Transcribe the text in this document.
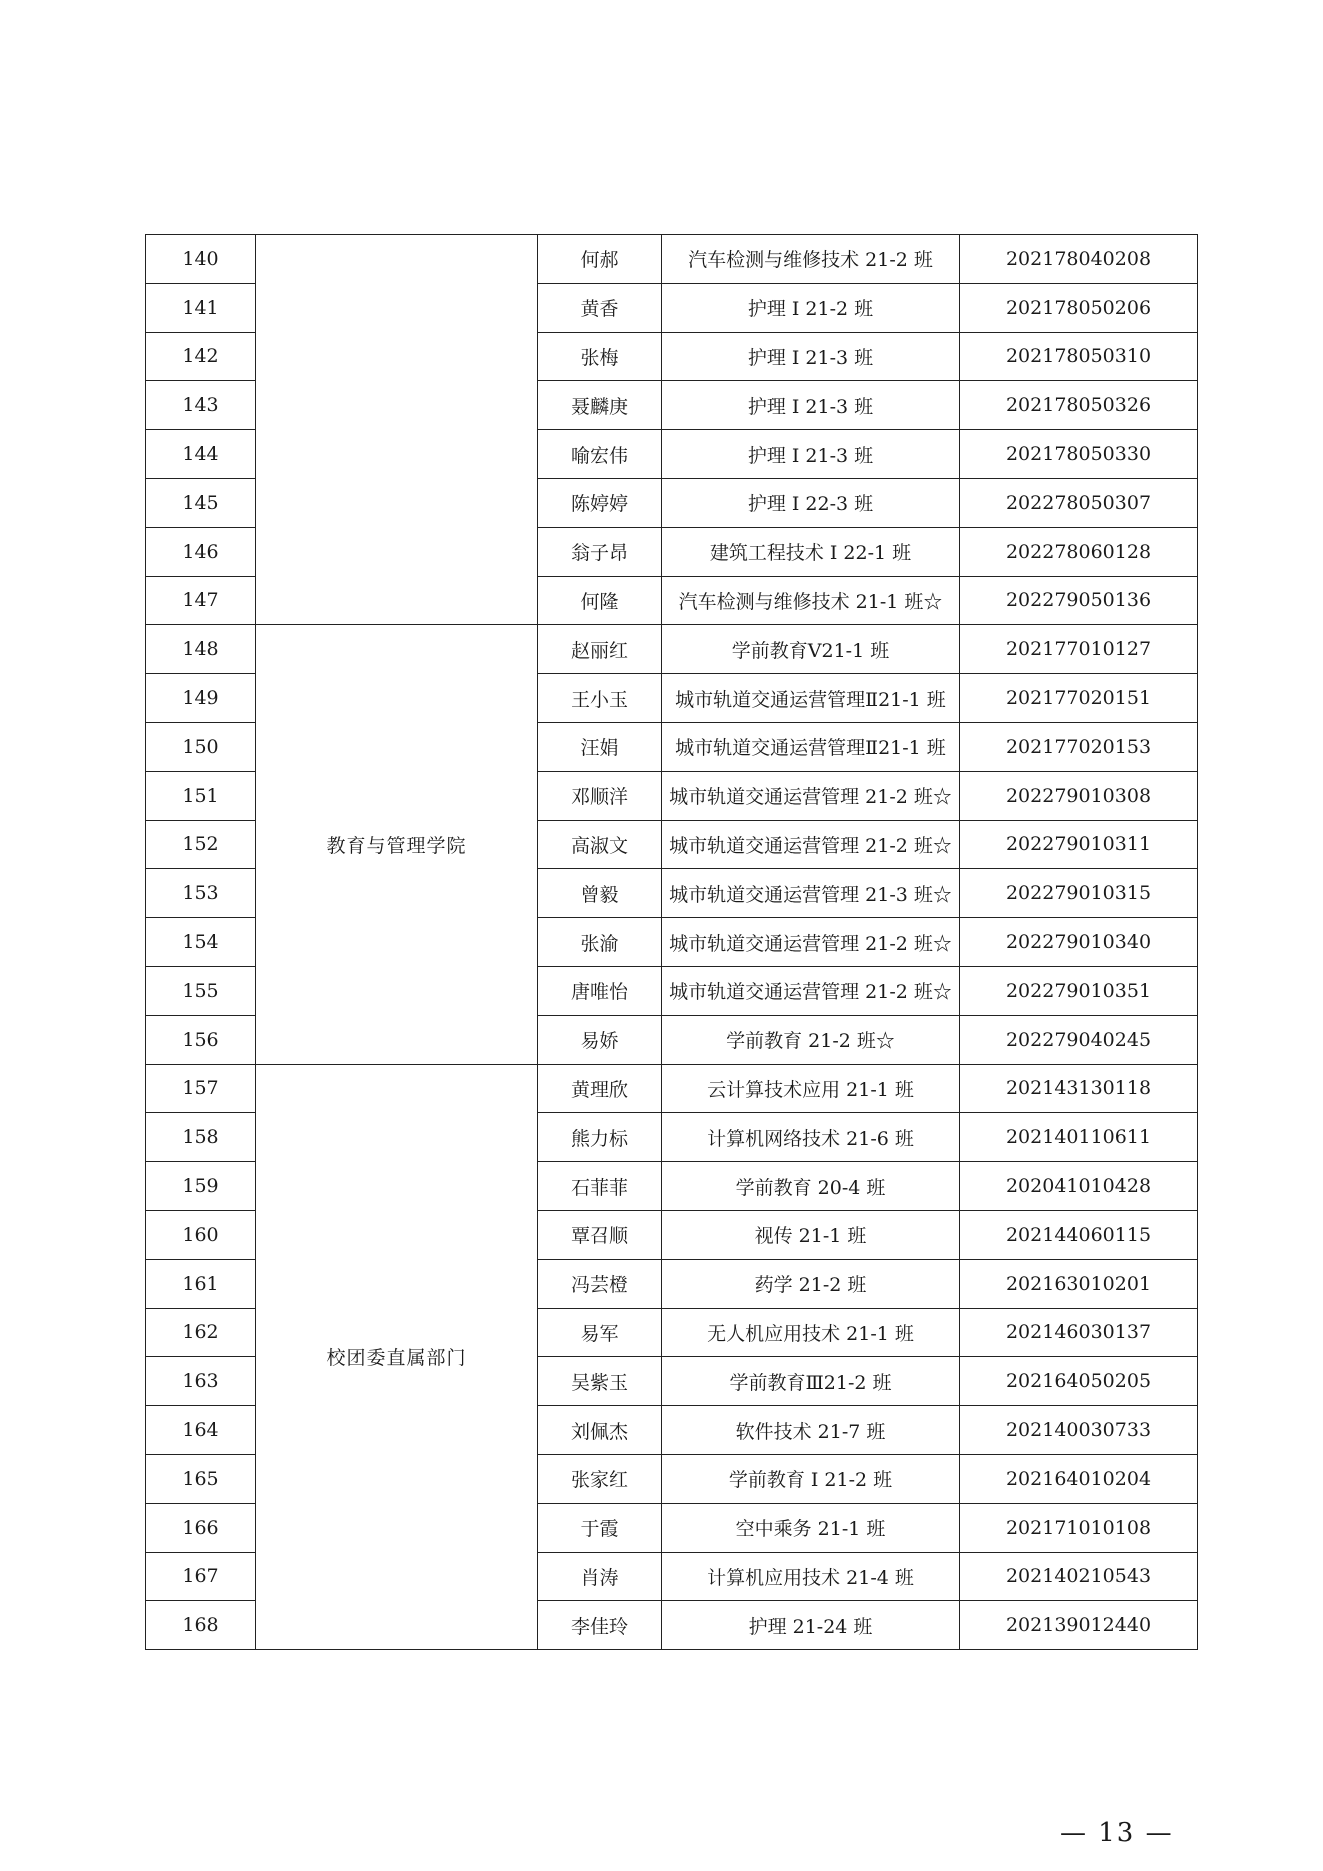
140		何郝	汽车检测与维修技术 21-2 班	202178040208
141		黄香	护理 Ⅰ 21-2 班	202178050206
142		张梅	护理 Ⅰ 21-3 班	202178050310
143		聂麟庚	护理 Ⅰ 21-3 班	202178050326
144		喻宏伟	护理 Ⅰ 21-3 班	202178050330
145		陈婷婷	护理 Ⅰ 22-3 班	202278050307
146		翁子昂	建筑工程技术 Ⅰ 22-1 班	202278060128
147		何隆	汽车检测与维修技术 21-1 班☆	202279050136
148	教育与管理学院	赵丽红	学前教育Ⅴ21-1 班	202177010127
149		王小玉	城市轨道交通运营管理Ⅱ21-1 班	202177020151
150		汪娟	城市轨道交通运营管理Ⅱ21-1 班	202177020153
151		邓顺洋	城市轨道交通运营管理 21-2 班☆	202279010308
152		高淑文	城市轨道交通运营管理 21-2 班☆	202279010311
153		曾毅	城市轨道交通运营管理 21-3 班☆	202279010315
154		张渝	城市轨道交通运营管理 21-2 班☆	202279010340
155		唐唯怡	城市轨道交通运营管理 21-2 班☆	202279010351
156		易娇	学前教育 21-2 班☆	202279040245
157	校团委直属部门	黄理欣	云计算技术应用 21-1 班	202143130118
158		熊力标	计算机网络技术 21-6 班	202140110611
159		石菲菲	学前教育 20-4 班	202041010428
160		覃召顺	视传 21-1 班	202144060115
161		冯芸橙	药学 21-2 班	202163010201
162		易军	无人机应用技术 21-1 班	202146030137
163		吴紫玉	学前教育Ⅲ21-2 班	202164050205
164		刘佩杰	软件技术 21-7 班	202140030733
165		张家红	学前教育 Ⅰ 21-2 班	202164010204
166		于霞	空中乘务 21-1 班	202171010108
167		肖涛	计算机应用技术 21-4 班	202140210543
168		李佳玲	护理 21-24 班	202139012440
— 13 —
